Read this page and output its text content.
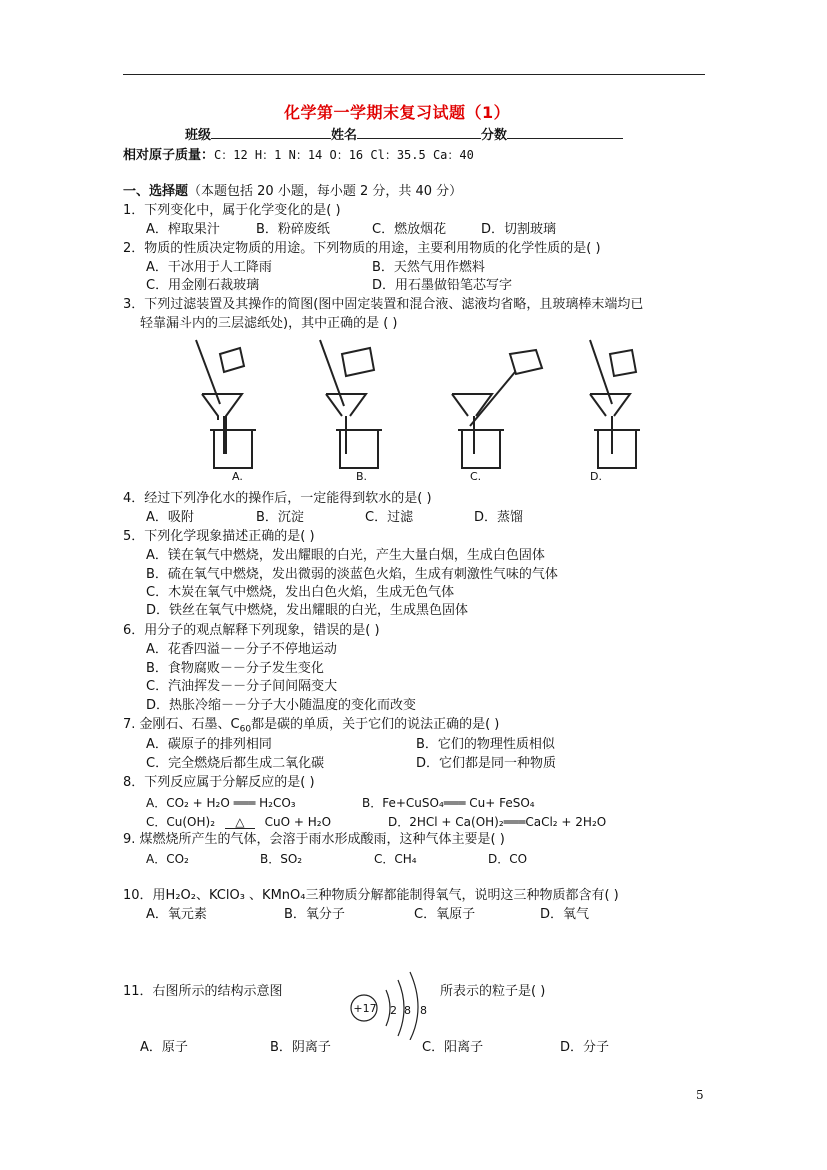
化学第一学期末复习试题（1）
班级	姓名	分数
相对原子质量：C：12 H：1 N：14 O：16 Cl：35.5 Ca：40
一、选择题（本题包括 20 小题，每小题 2 分，共 40 分）
1．下列变化中，属于化学变化的是( )
A．榨取果汁	B．粉碎废纸	C．燃放烟花	D．切割玻璃
2．物质的性质决定物质的用途。下列物质的用途，主要利用物质的化学性质的是( )
A．干冰用于人工降雨	B．天然气用作燃料
C．用金刚石裁玻璃	D．用石墨做铅笔芯写字
3．下列过滤装置及其操作的简图(图中固定装置和混合液、滤液均省略，且玻璃棒末端均已
轻靠漏斗内的三层滤纸处)，其中正确的是 ( )
A.	B.	C.	D.
4．经过下列净化水的操作后，一定能得到软水的是( )
A．吸附	B．沉淀	C．过滤	D．蒸馏
5．下列化学现象描述正确的是( )
A．镁在氧气中燃烧，发出耀眼的白光，产生大量白烟，生成白色固体
B．硫在氧气中燃烧，发出微弱的淡蓝色火焰，生成有刺激性气味的气体
C．木炭在氧气中燃烧，发出白色火焰，生成无色气体
D．铁丝在氧气中燃烧，发出耀眼的白光，生成黑色固体
6．用分子的观点解释下列现象，错误的是( )
A．花香四溢－－分子不停地运动
B．食物腐败－－分子发生变化
C．汽油挥发－－分子间间隔变大
D．热胀冷缩－－分子大小随温度的变化而改变
7. 金刚石、石墨、$C_{60}$都是碳的单质，关于它们的说法正确的是( )
A．碳原子的排列相同	B．它们的物理性质相似
C．完全燃烧后都生成二氧化碳	D．它们都是同一种物质
8．下列反应属于分解反应的是( )
A．CO₂ + H₂O ═══ H₂CO₃	B．Fe+CuSO₄═══ Cu+ FeSO₄
C．Cu(OH)₂ △ CuO + H₂O	D．2HCl + Ca(OH)₂═══CaCl₂ + 2H₂O
9. 煤燃烧所产生的气体，会溶于雨水形成酸雨，这种气体主要是( )
A．CO₂	B．SO₂	C．CH₄	D．CO
10．用H₂O₂、KClO₃ 、KMnO₄三种物质分解都能制得氧气，说明这三种物质都含有( )
A．氧元素	B．氧分子	C．氧原子	D．氧气
11．右图所示的结构示意图	所表示的粒子是( )
+17 2 8 8
A．原子	B．阴离子	C．阳离子	D．分子
5
